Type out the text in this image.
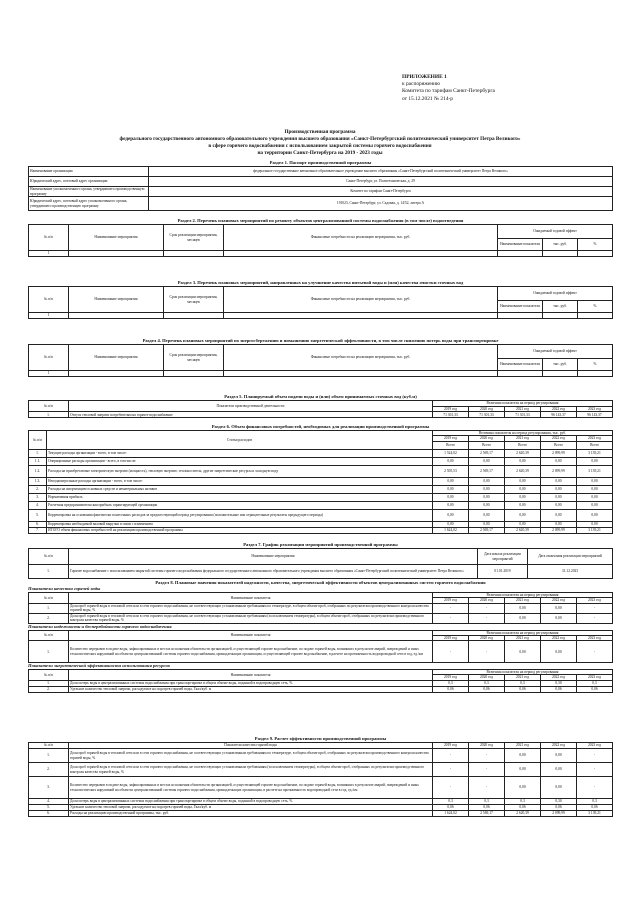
ПРИЛОЖЕНИЕ 1
к распоряжению
Комитета по тарифам Санкт-Петербурга
от 15.12.2021 № 214-р
Производственная программа
федерального государственного автономного образовательного учреждения высшего образования «Санкт-Петербургский политехнический университет Петра Великого»
в сфере горячего водоснабжения с использованием закрытой системы горячего водоснабжения
на территории Санкт-Петербурга на 2019 - 2023 годы
Раздел 1. Паспорт производственной программы
Наименование организации	федеральное государственное автономное образовательное учреждение высшего образования «Санкт-Петербургский политехнический университет Петра Великого»
Юридический адрес, почтовый адрес организации	Санкт-Петербург, ул. Политехническая, д. 29
Наименование уполномоченного органа, утвердившего производственную программу	Комитет по тарифам Санкт-Петербурга
Юридический адрес, почтовый адрес уполномоченного органа, утвердившего производственную программу	191023, Санкт-Петербург, ул. Садовая, д. 14/52, литера А
Раздел 2. Перечень плановых мероприятий по ремонту объектов централизованной системы водоснабжения (в том числе) водоотведения
№ п/п	Наименование мероприятия	Срок реализации мероприятия, месяцев	Финансовые потребности на реализацию мероприятия, тыс. руб.	Ожидаемый годовой эффект		
				Наименование показателя	тыс. руб.	%
1						
Раздел 3. Перечень плановых мероприятий, направленных на улучшение качества питьевой воды и (или) качества очистки сточных вод
№ п/п	Наименование мероприятия	Срок реализации мероприятия, месяцев	Финансовые потребности на реализацию мероприятия, тыс. руб.	Ожидаемый годовой эффект		
				Наименование показателя	тыс. руб.	%
1						
Раздел 4. Перечень плановых мероприятий по энергосбережению и повышению энергетической эффективности, в том числе снижению потерь воды при транспортировке
№ п/п	Наименование мероприятия	Срок реализации мероприятия, месяцев	Финансовые потребности на реализацию мероприятия, тыс. руб.	Ожидаемый годовой эффект		
				Наименование показателя	тыс. руб.	%
1						
Раздел 5. Планируемый объем подачи воды и (или) объем принимаемых сточных вод (куб.м)
№ п/п	Показатели производственной деятельности	Величина показателя на период регулирования				
		2019 год	2020 год	2021 год	2022 год	2023 год
1.	Отпуск тепловой энергии потребителям на горячее водоснабжение	71 301,33	71 301,33	71 301,33	96 143,37	96 143,37
Раздел 6. Объем финансовых потребностей, необходимых для реализации производственной программы
№ п/п	Статьи расходов	Величина показателя на период регулирования, тыс. руб.				
		2019 год	2020 год	2021 год	2022 год	2023 год
		Всего	Всего	Всего	Всего	Всего
1.	Текущие расходы организации - всего, в том числе:	1 524,02	2 569,17	2 620,39	2 099,99	3 139,21
1.1.	Операционные расходы организации - всего, в том числе:	0,00	0,00	0,00	0,00	0,00
1.2.	Расходы на приобретаемые электрическую энергию (мощность), тепловую энергию, теплоноситель, другие энергетические ресурсы и холодную воду	2 505,53	2 569,17	2 620,39	2 099,99	3 139,21
1.3.	Неподконтрольные расходы организации - всего, в том числе:	0,00	0,00	0,00	0,00	0,00
2.	Расходы на амортизацию основных средств и нематериальных активов	0,00	0,00	0,00	0,00	0,00
3.	Нормативная прибыль	0,00	0,00	0,00	0,00	0,00
4.	Расчетная предпринимательская прибыль гарантирующей организации	0,00	0,00	0,00	0,00	0,00
5.	Корректировка на основании фактически понесенных расходов за предшествующий период регулирования (положительные или отрицательные результаты предыдущего периода)	0,00	0,00	0,00	0,00	0,00
6.	Корректировка необходимой валовой выручки в связи с изменением	0,00	0,00	0,00	0,00	0,00
7.	ИТОГО объем финансовых потребностей на реализацию производственной программы	1 624,02	2 569,17	2 620,39	2 099,99	3 139,21
Раздел 7. График реализации мероприятий производственной программы
№ п/п	Наименование мероприятия	Дата начала реализации мероприятий	Дата окончания реализации мероприятий
1.	Горячее водоснабжение с использованием закрытой системы горячего водоснабжения федерального государственного автономного образовательного учреждения высшего образования «Санкт-Петербургский политехнический университет Петра Великого»	01.01.2019	31.12.2023
Раздел 8. Плановые значения показателей надежности, качества, энергетической эффективности объектов централизованных систем горячего водоснабжения
Показатели качества горячей воды
№ п/п	Наименование показателя	Величина показателя на период регулирования				
		2019 год	2020 год	2021 год	2022 год	2023 год
1.	Доля проб горячей воды в тепловой сети или в сети горячего водоснабжения, не соответствующих установленным требованиям по температуре, в общем объеме проб, отобранных по результатам производственного контроля качества горячей воды, %	-	-	0,00	0,00	-
2.	Доля проб горячей воды в тепловой сети или в сети горячего водоснабжения, не соответствующих установленным требованиям (за исключением температуры), в общем объеме проб, отобранных по результатам производственного контроля качества горячей воды, %	-	-	0,00	0,00	-
Показатели надежности и бесперебойности горячего водоснабжения
№ п/п	Наименование показателя	Величина показателя на период регулирования				
		2019 год	2020 год	2021 год	2022 год	2023 год
1.	Количество перерывов в подаче воды, зафиксированных в местах исполнения обязательств организацией, осуществляющей горячее водоснабжение, по подаче горячей воды, возникших в результате аварий, повреждений и иных технологических нарушений на объектах централизованной системы горячего водоснабжения, принадлежащих организации, осуществляющей горячее водоснабжение, в расчете на протяженность водопроводной сети в год, ед./км	-	-	0,00	0,00	-
Показатели энергетической эффективности использования ресурсов
№ п/п	Наименование показателя	Величина показателя на период регулирования				
		2019 год	2020 год	2021 год	2022 год	2023 год
1.	Доля потерь воды в централизованных системах водоснабжения при транспортировке в общем объеме воды, поданной в водопроводную сеть, %	0,3	0,3	0,3	0,30	0,3
2.	Удельное количество тепловой энергии, расходуемое на подогрев горячей воды, Гкал/куб. м	0,06	0,06	0,06	0,06	0,06
Раздел 9. Расчет эффективности производственной программы
№ п/п	Показатели качества горячей воды	2019 год	2020 год	2021 год	2022 год	2023 год
1.	Доля проб горячей воды в тепловой сети или в сети горячего водоснабжения, не соответствующих установленным требованиям по температуре, в общем объеме проб, отобранных по результатам производственного контроля качества горячей воды, %	-	-	0,00	0,00	-
2.	Доля проб горячей воды в тепловой сети или в сети горячего водоснабжения, не соответствующих установленным требованиям (за исключением температуры), в общем объеме проб, отобранных по результатам производственного контроля качества горячей воды, %	-	-	0,00	0,00	-
3.	Количество перерывов в подаче воды, зафиксированных в местах исполнения обязательств организацией, осуществляющей горячее водоснабжение, по подаче горячей воды, возникших в результате аварий, повреждений и иных технологических нарушений на объектах централизованной системы горячего водоснабжения, принадлежащих организации, в расчете на протяженность водопроводной сети в год, ед./км	-	-	0,00	0,00	-
4.	Доля потерь воды в централизованных системах водоснабжения при транспортировке в общем объеме воды, поданной в водопроводную сеть, %	0,3	0,3	0,3	0,30	0,3
5.	Удельное количество тепловой энергии, расходуемое на подогрев горячей воды, Гкал/куб. м	0,06	0,06	0,06	0,06	0,06
6.	Расходы на реализацию производственной программы, тыс. руб.	1 624,02	2 569,17	2 620,39	2 099,99	3 139,21
